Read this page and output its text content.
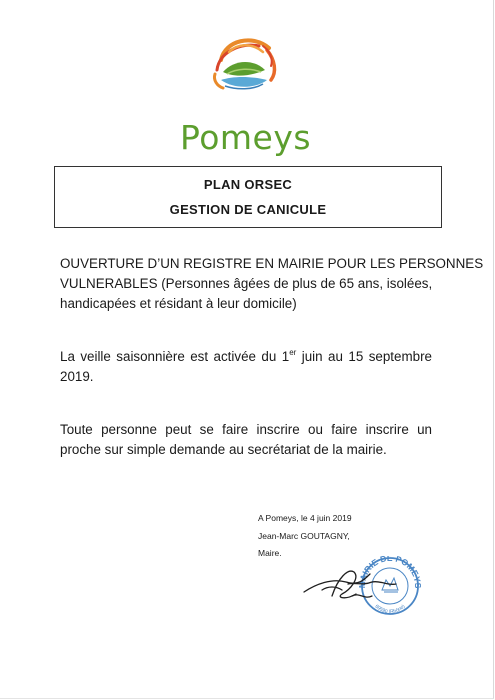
Pomeys
PLAN ORSEC
GESTION DE CANICULE
OUVERTURE D’UN REGISTRE EN MAIRIE POUR LES PERSONNES
VULNERABLES (Personnes âgées de plus de 65 ans, isolées,
handicapées et résidant à leur domicile)
La veille saisonnière est activée du 1er juin au 15 septembre
2019.
Toute personne peut se faire inscrire ou faire inscrire un
proche sur simple demande au secrétariat de la mairie.
A Pomeys, le 4 juin 2019
Jean-Marc GOUTAGNY,
Maire.
MAIRIE DE POMEYS
69590 (Rhône)
